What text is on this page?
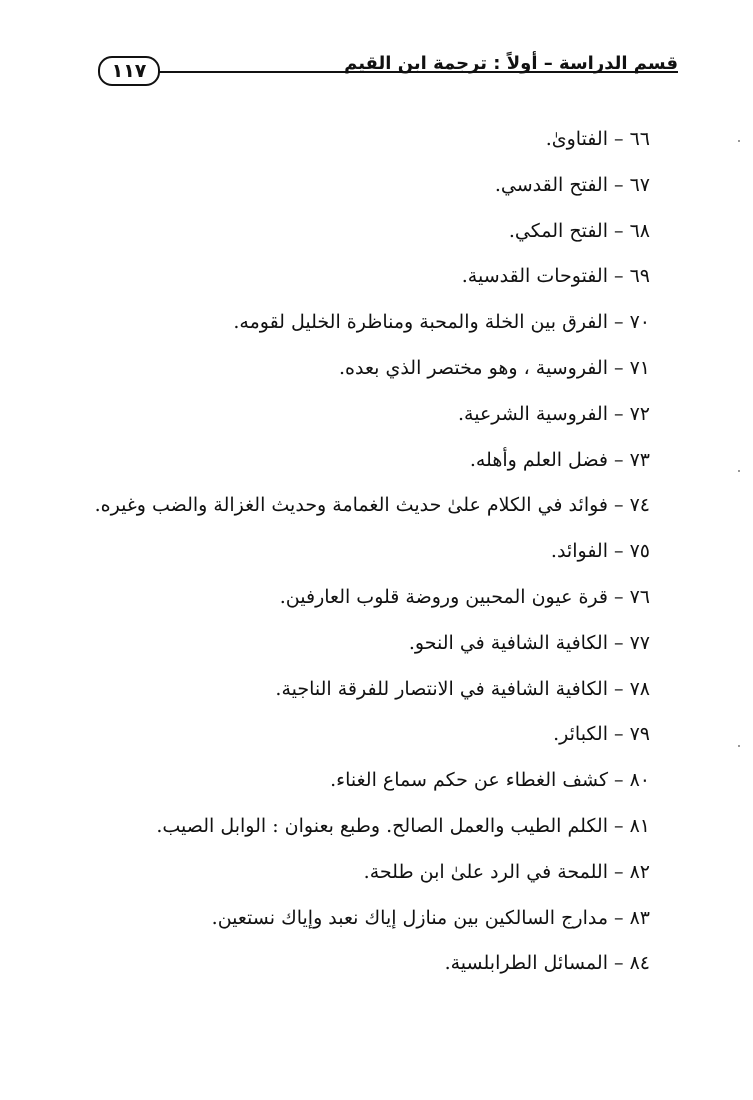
١١٧	قسم الدراسة – أولاً : ترجمة ابن القيم
٦٦ – الفتاوىٰ.
٦٧ – الفتح القدسي.
٦٨ – الفتح المكي.
٦٩ – الفتوحات القدسية.
٧٠ – الفرق بين الخلة والمحبة ومناظرة الخليل لقومه.
٧١ – الفروسية ، وهو مختصر الذي بعده.
٧٢ – الفروسية الشرعية.
٧٣ – فضل العلم وأهله.
٧٤ – فوائد في الكلام علىٰ حديث الغمامة وحديث الغزالة والضب وغيره.
٧٥ – الفوائد.
٧٦ – قرة عيون المحبين وروضة قلوب العارفين.
٧٧ – الكافية الشافية في النحو.
٧٨ – الكافية الشافية في الانتصار للفرقة الناجية.
٧٩ – الكبائر.
٨٠ – كشف الغطاء عن حكم سماع الغناء.
٨١ – الكلم الطيب والعمل الصالح. وطبع بعنوان : الوابل الصيب.
٨٢ – اللمحة في الرد علىٰ ابن طلحة.
٨٣ – مدارج السالكين بين منازل إياك نعبد وإياك نستعين.
٨٤ – المسائل الطرابلسية.
